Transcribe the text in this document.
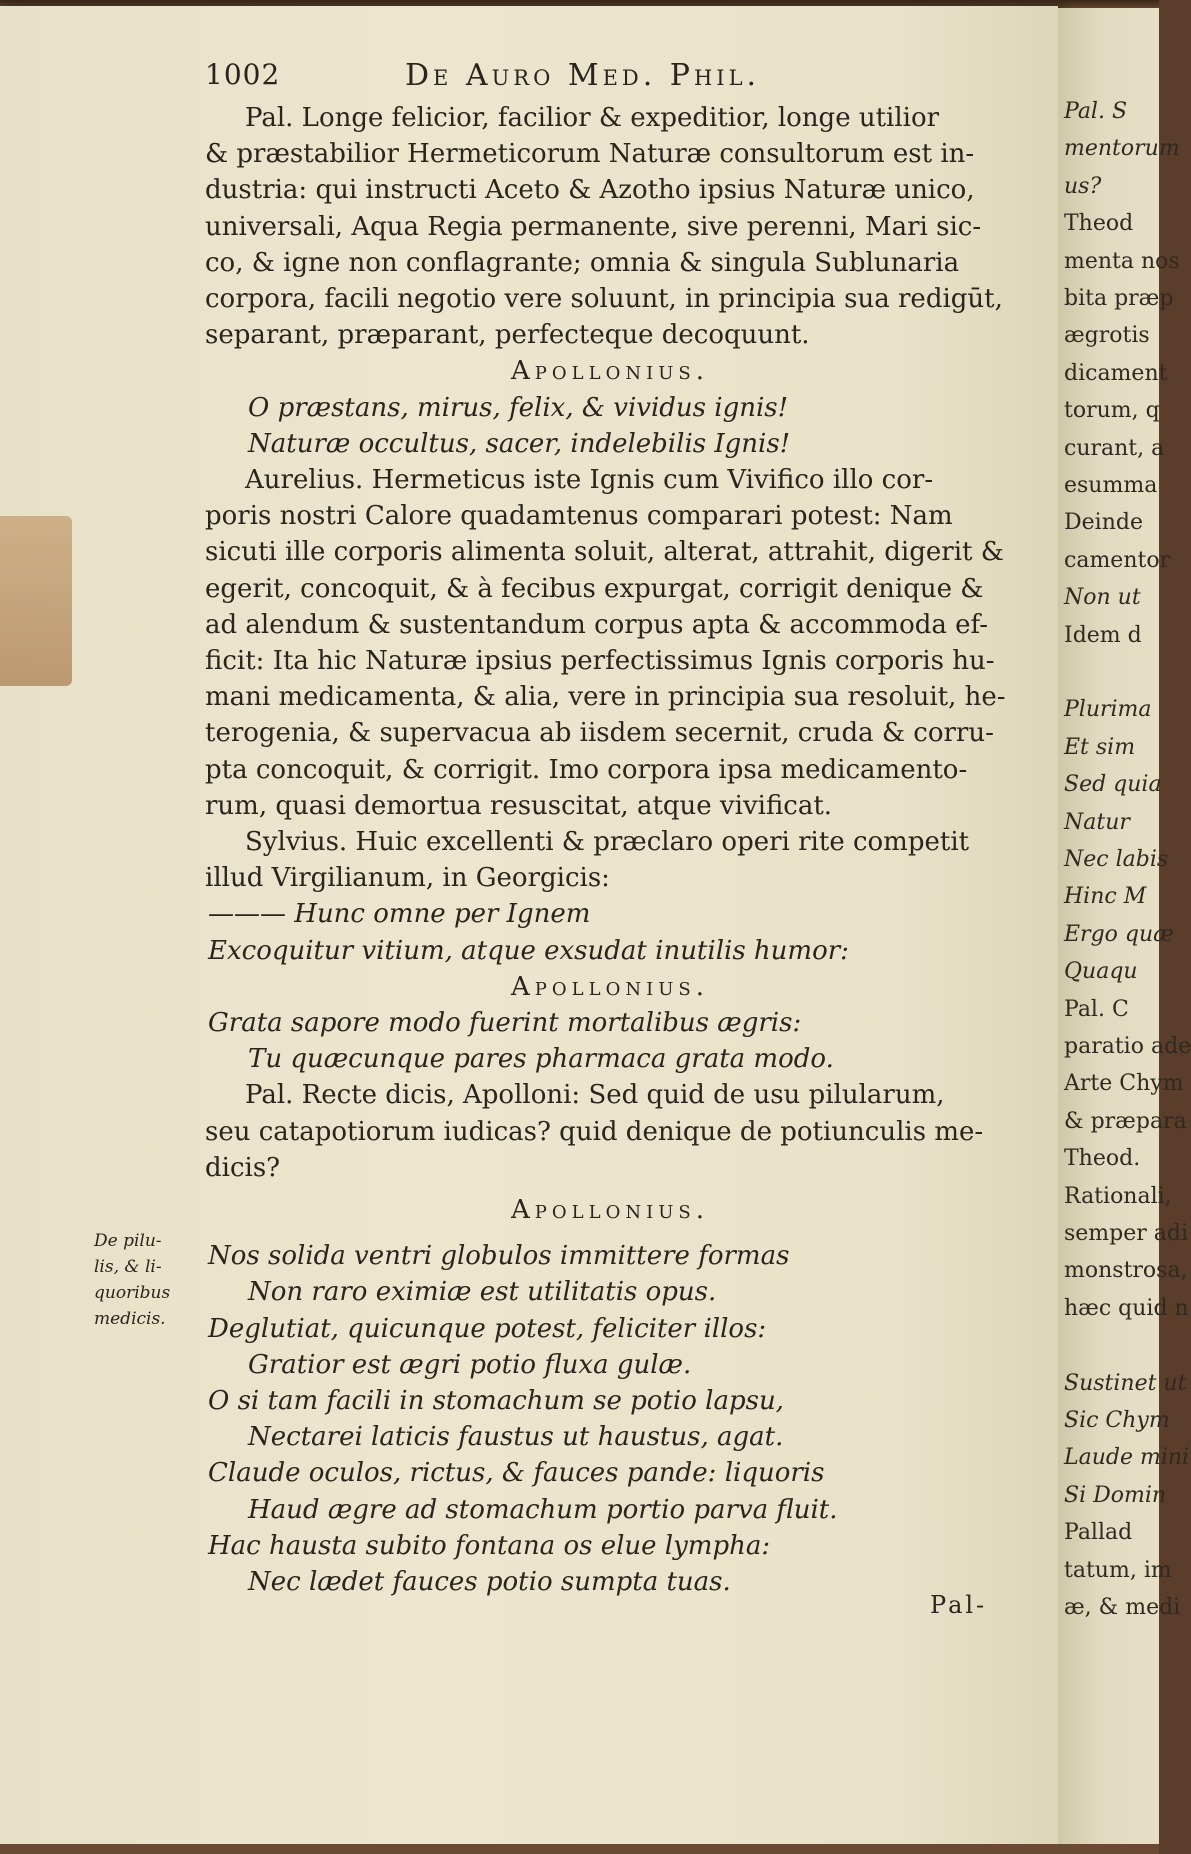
1002	De Auro Med. Phil.
Pal. Longe felicior, facilior & expeditior, longe utilior
& præstabilior Hermeticorum Naturæ consultorum est in-
dustria: qui instructi Aceto & Azotho ipsius Naturæ unico,
universali, Aqua Regia permanente, sive perenni, Mari sic-
co, & igne non conflagrante; omnia & singula Sublunaria
corpora, facili negotio vere soluunt, in principia sua redigūt,
separant, præparant, perfecteque decoquunt.
Apollonius.
O præstans, mirus, felix, & vividus ignis!
Naturæ occultus, sacer, indelebilis Ignis!
Aurelius. Hermeticus iste Ignis cum Vivifico illo cor-
poris nostri Calore quadamtenus comparari potest: Nam
sicuti ille corporis alimenta soluit, alterat, attrahit, digerit &
egerit, concoquit, & à fecibus expurgat, corrigit denique &
ad alendum & sustentandum corpus apta & accommoda ef-
ficit: Ita hic Naturæ ipsius perfectissimus Ignis corporis hu-
mani medicamenta, & alia, vere in principia sua resoluit, he-
terogenia, & supervacua ab iisdem secernit, cruda & corru-
pta concoquit, & corrigit. Imo corpora ipsa medicamento-
rum, quasi demortua resuscitat, atque vivificat.
Sylvius. Huic excellenti & præclaro operi rite competit
illud Virgilianum, in Georgicis:
——— Hunc omne per Ignem
Excoquitur vitium, atque exsudat inutilis humor:
Apollonius.
Grata sapore modo fuerint mortalibus ægris:
Tu quæcunque pares pharmaca grata modo.
Pal. Recte dicis, Apolloni: Sed quid de usu pilularum,
seu catapotiorum iudicas? quid denique de potiunculis me-
dicis?
Apollonius.
Nos solida ventri globulos immittere formas
Non raro eximiæ est utilitatis opus.
Deglutiat, quicunque potest, feliciter illos:
Gratior est ægri potio fluxa gulæ.
O si tam facili in stomachum se potio lapsu,
Nectarei laticis faustus ut haustus, agat.
Claude oculos, rictus, & fauces pande: liquoris
Haud ægre ad stomachum portio parva fluit.
Hac hausta subito fontana os elue lympha:
Nec lædet fauces potio sumpta tuas.
De pilu-
lis, & li-
quoribus
medicis.
Pal-
Pal. S
mentorum
us?
Theod
menta nos
bita præp
ægrotis
dicament
torum, q
curant, a
esumma
Deinde
camentor
Non ut
Idem d
Plurima
Et sim
Sed quia
Natur
Nec labis
Hinc M
Ergo quæ
Quaqu
Pal. C
paratio ade
Arte Chym
& præpara
Theod.
Rationali,
semper adi
monstrosa,
hæc quid n
Sustinet ut
Sic Chym
Laude mini
Si Domin
Pallad
tatum, im
æ, & medi
